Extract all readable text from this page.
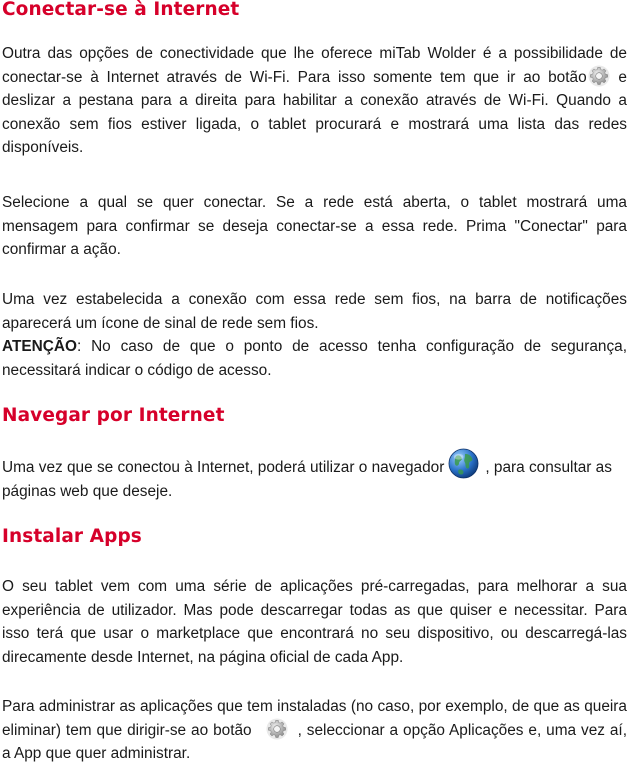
Conectar-se à Internet

Outra das opções de conectividade que lhe oferece miTab Wolder é a possibilidade de conectar-se à Internet através de Wi-Fi. Para isso somente tem que ir ao botão e deslizar a pestana para a direita para habilitar a conexão através de Wi-Fi. Quando a conexão sem fios estiver ligada, o tablet procurará e mostrará uma lista das redes disponíveis.

Selecione a qual se quer conectar. Se a rede está aberta, o tablet mostrará uma mensagem para confirmar se deseja conectar-se a essa rede. Prima "Conectar" para confirmar a ação.

Uma vez estabelecida a conexão com essa rede sem fios, na barra de notificações aparecerá um ícone de sinal de rede sem fios.

ATENÇÃO: No caso de que o ponto de acesso tenha configuração de segurança, necessitará indicar o código de acesso.

Navegar por Internet

Uma vez que se conectou à Internet, poderá utilizar o navegador	, para consultar as páginas web que deseje.

Instalar Apps

O seu tablet vem com uma série de aplicações pré-carregadas, para melhorar a sua experiência de utilizador. Mas pode descarregar todas as que quiser e necessitar. Para isso terá que usar o marketplace que encontrará no seu dispositivo, ou descarregá-las direcamente desde Internet, na página oficial de cada App.

Para administrar as aplicações que tem instaladas (no caso, por exemplo, de que as queira eliminar) tem que dirigir-se ao botão	, seleccionar a opção Aplicações e, uma vez aí, a App que quer administrar.
